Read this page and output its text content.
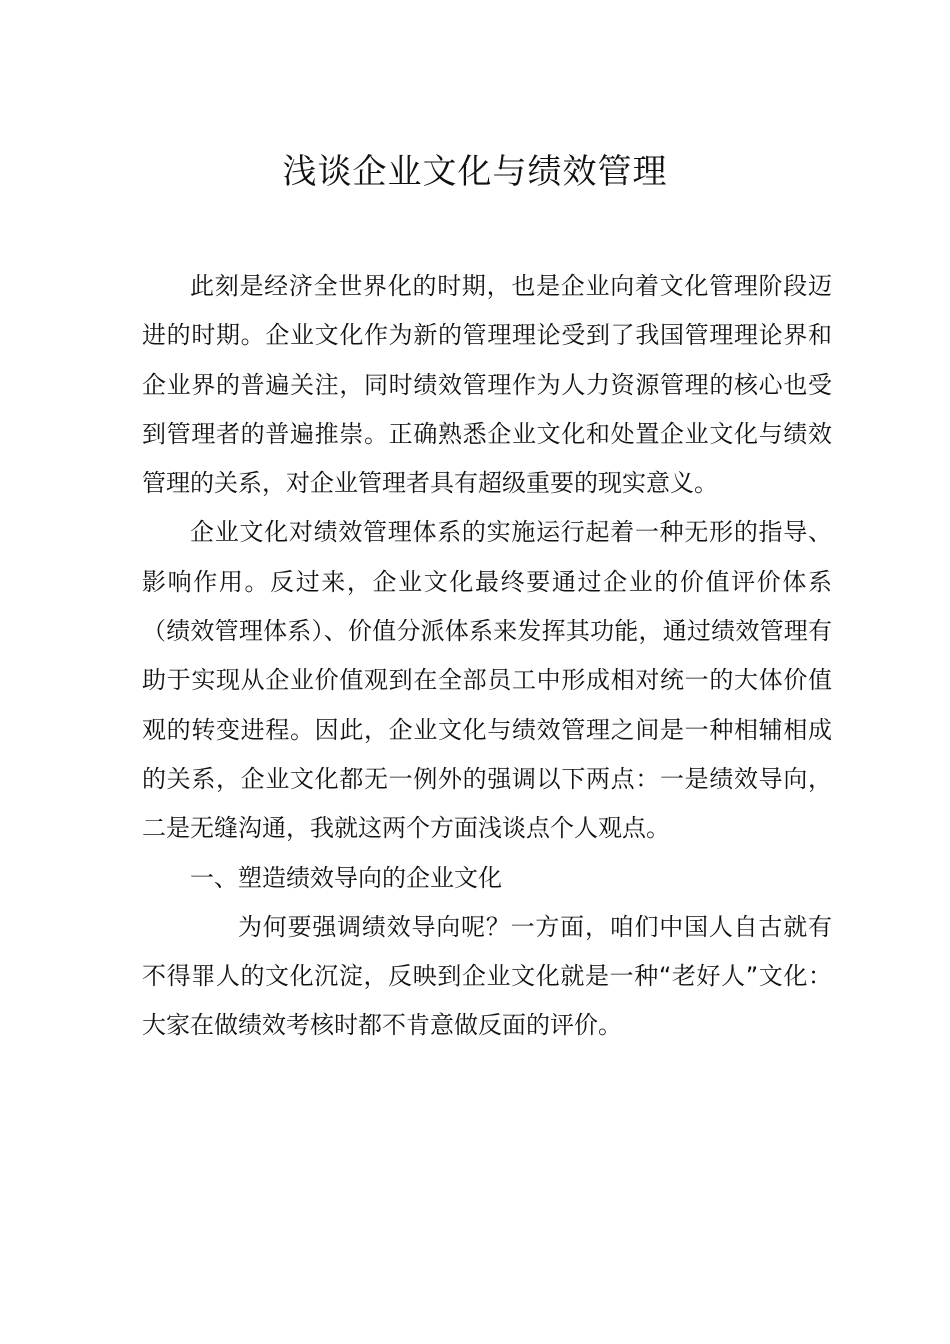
浅谈企业文化与绩效管理

此刻是经济全世界化的时期，也是企业向着文化管理阶段迈进的时期。企业文化作为新的管理理论受到了我国管理理论界和企业界的普遍关注，同时绩效管理作为人力资源管理的核心也受到管理者的普遍推崇。正确熟悉企业文化和处置企业文化与绩效管理的关系，对企业管理者具有超级重要的现实意义。

企业文化对绩效管理体系的实施运行起着一种无形的指导、影响作用。反过来，企业文化最终要通过企业的价值评价体系（绩效管理体系）、价值分派体系来发挥其功能，通过绩效管理有助于实现从企业价值观到在全部员工中形成相对统一的大体价值观的转变进程。因此，企业文化与绩效管理之间是一种相辅相成的关系，企业文化都无一例外的强调以下两点：一是绩效导向，二是无缝沟通，我就这两个方面浅谈点个人观点。

一、塑造绩效导向的企业文化

为何要强调绩效导向呢？一方面，咱们中国人自古就有不得罪人的文化沉淀，反映到企业文化就是一种“老好人”文化：大家在做绩效考核时都不肯意做反面的评价。
